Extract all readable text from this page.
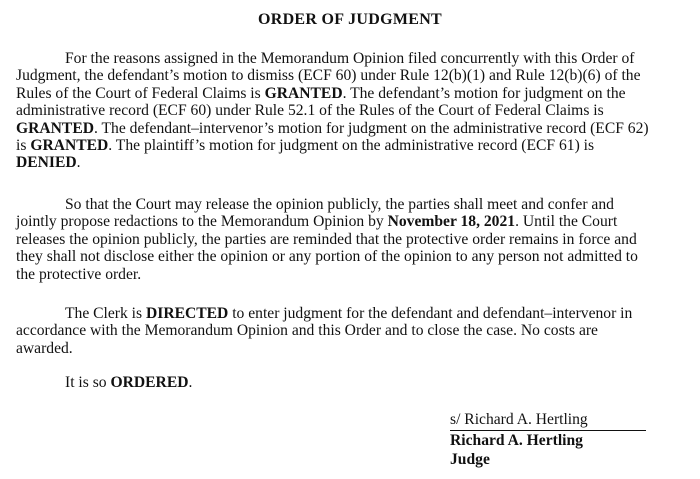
ORDER OF JUDGMENT

For the reasons assigned in the Memorandum Opinion filed concurrently with this Order of Judgment, the defendant’s motion to dismiss (ECF 60) under Rule 12(b)(1) and Rule 12(b)(6) of the Rules of the Court of Federal Claims is GRANTED. The defendant’s motion for judgment on the administrative record (ECF 60) under Rule 52.1 of the Rules of the Court of Federal Claims is GRANTED. The defendant–intervenor’s motion for judgment on the administrative record (ECF 62) is GRANTED. The plaintiff’s motion for judgment on the administrative record (ECF 61) is DENIED.

So that the Court may release the opinion publicly, the parties shall meet and confer and jointly propose redactions to the Memorandum Opinion by November 18, 2021. Until the Court releases the opinion publicly, the parties are reminded that the protective order remains in force and they shall not disclose either the opinion or any portion of the opinion to any person not admitted to the protective order.

The Clerk is DIRECTED to enter judgment for the defendant and defendant–intervenor in accordance with the Memorandum Opinion and this Order and to close the case. No costs are awarded.

It is so ORDERED.

s/ Richard A. Hertling
Richard A. Hertling
Judge
